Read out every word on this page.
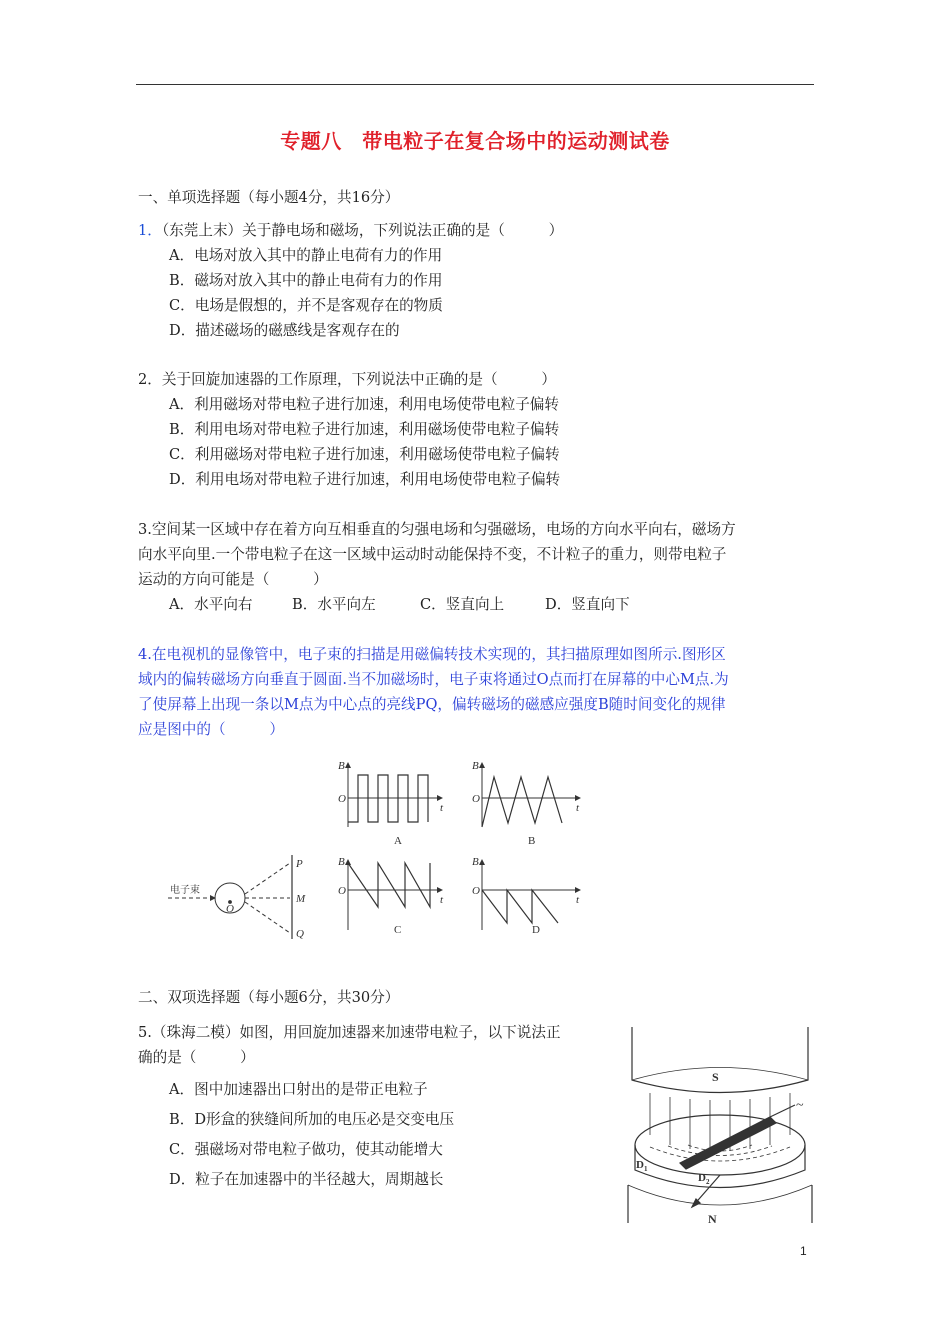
专题八　带电粒子在复合场中的运动测试卷
一、单项选择题（每小题4分，共16分）
1．（东莞上末）关于静电场和磁场，下列说法正确的是（　　　）
A．电场对放入其中的静止电荷有力的作用
B．磁场对放入其中的静止电荷有力的作用
C．电场是假想的，并不是客观存在的物质
D．描述磁场的磁感线是客观存在的
2．关于回旋加速器的工作原理，下列说法中正确的是（　　　）
A．利用磁场对带电粒子进行加速，利用电场使带电粒子偏转
B．利用电场对带电粒子进行加速，利用磁场使带电粒子偏转
C．利用磁场对带电粒子进行加速，利用磁场使带电粒子偏转
D．利用电场对带电粒子进行加速，利用电场使带电粒子偏转
3.空间某一区域中存在着方向互相垂直的匀强电场和匀强磁场，电场的方向水平向右，磁场方
向水平向里.一个带电粒子在这一区域中运动时动能保持不变，不计粒子的重力，则带电粒子
运动的方向可能是（　　　）
A．水平向右	B．水平向左	C．竖直向上	D．竖直向下
4.在电视机的显像管中，电子束的扫描是用磁偏转技术实现的，其扫描原理如图所示.图形区
域内的偏转磁场方向垂直于圆面.当不加磁场时，电子束将通过O点而打在屏幕的中心M点.为
了使屏幕上出现一条以M点为中心点的亮线PQ，偏转磁场的磁感应强度B随时间变化的规律
应是图中的（　　　）
B
O
t
B
O
t
B
O
t
B
O
t
O
P
M
Q
电子束
A	B
C	D
二、双项选择题（每小题6分，共30分）
5.（珠海二模）如图，用回旋加速器来加速带电粒子，以下说法正
确的是（　　　）
A．图中加速器出口射出的是带正电粒子
B．D形盒的狭缝间所加的电压必是交变电压
C．强磁场对带电粒子做功，使其动能增大
D．粒子在加速器中的半径越大，周期越长
S
N
$D_1$
$D_2$
~
1
